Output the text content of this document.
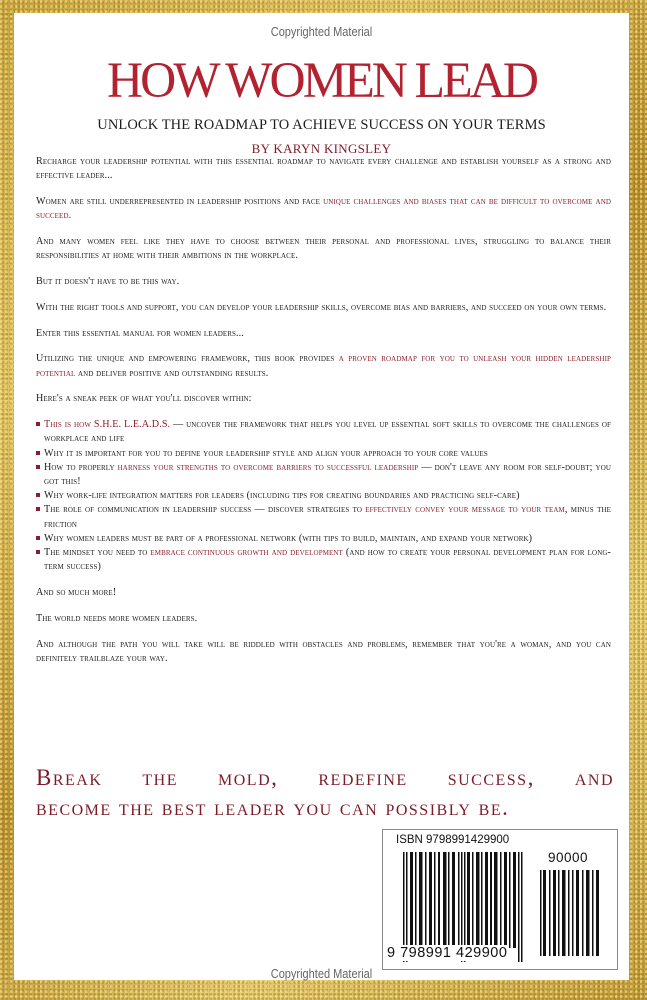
Copyrighted Material
HOW WOMEN LEAD
UNLOCK THE ROADMAP TO ACHIEVE SUCCESS ON YOUR TERMS
BY KARYN KINGSLEY

Recharge your leadership potential with this essential roadmap to navigate every challenge and establish yourself as a strong and effective leader...

Women are still underrepresented in leadership positions and face unique challenges and biases that can be difficult to overcome and succeed.

And many women feel like they have to choose between their personal and professional lives, struggling to balance their responsibilities at home with their ambitions in the workplace.

But it doesn't have to be this way.

With the right tools and support, you can develop your leadership skills, overcome bias and barriers, and succeed on your own terms.

Enter this essential manual for women leaders...

Utilizing the unique and empowering framework, this book provides a proven roadmap for you to unleash your hidden leadership potential and deliver positive and outstanding results.

Here's a sneak peek of what you'll discover within:

This is how S.H.E. L.E.A.D.S. — uncover the framework that helps you level up essential soft skills to overcome the challenges of workplace and life
Why it is important for you to define your leadership style and align your approach to your core values
How to properly harness your strengths to overcome barriers to successful leadership — don't leave any room for self-doubt; you got this!
Why work-life integration matters for leaders (including tips for creating boundaries and practicing self-care)
The role of communication in leadership success — discover strategies to effectively convey your message to your team, minus the friction
Why women leaders must be part of a professional network (with tips to build, maintain, and expand your network)
The mindset you need to embrace continuous growth and development (and how to create your personal development plan for long-term success)

And so much more!

The world needs more women leaders.

And although the path you will take will be riddled with obstacles and problems, remember that you're a woman, and you can definitely trailblaze your way.

Break the mold, redefine success, and
become the best leader you can possibly be.
ISBN 9798991429900
90000
9 798991 429900
Copyrighted Material
